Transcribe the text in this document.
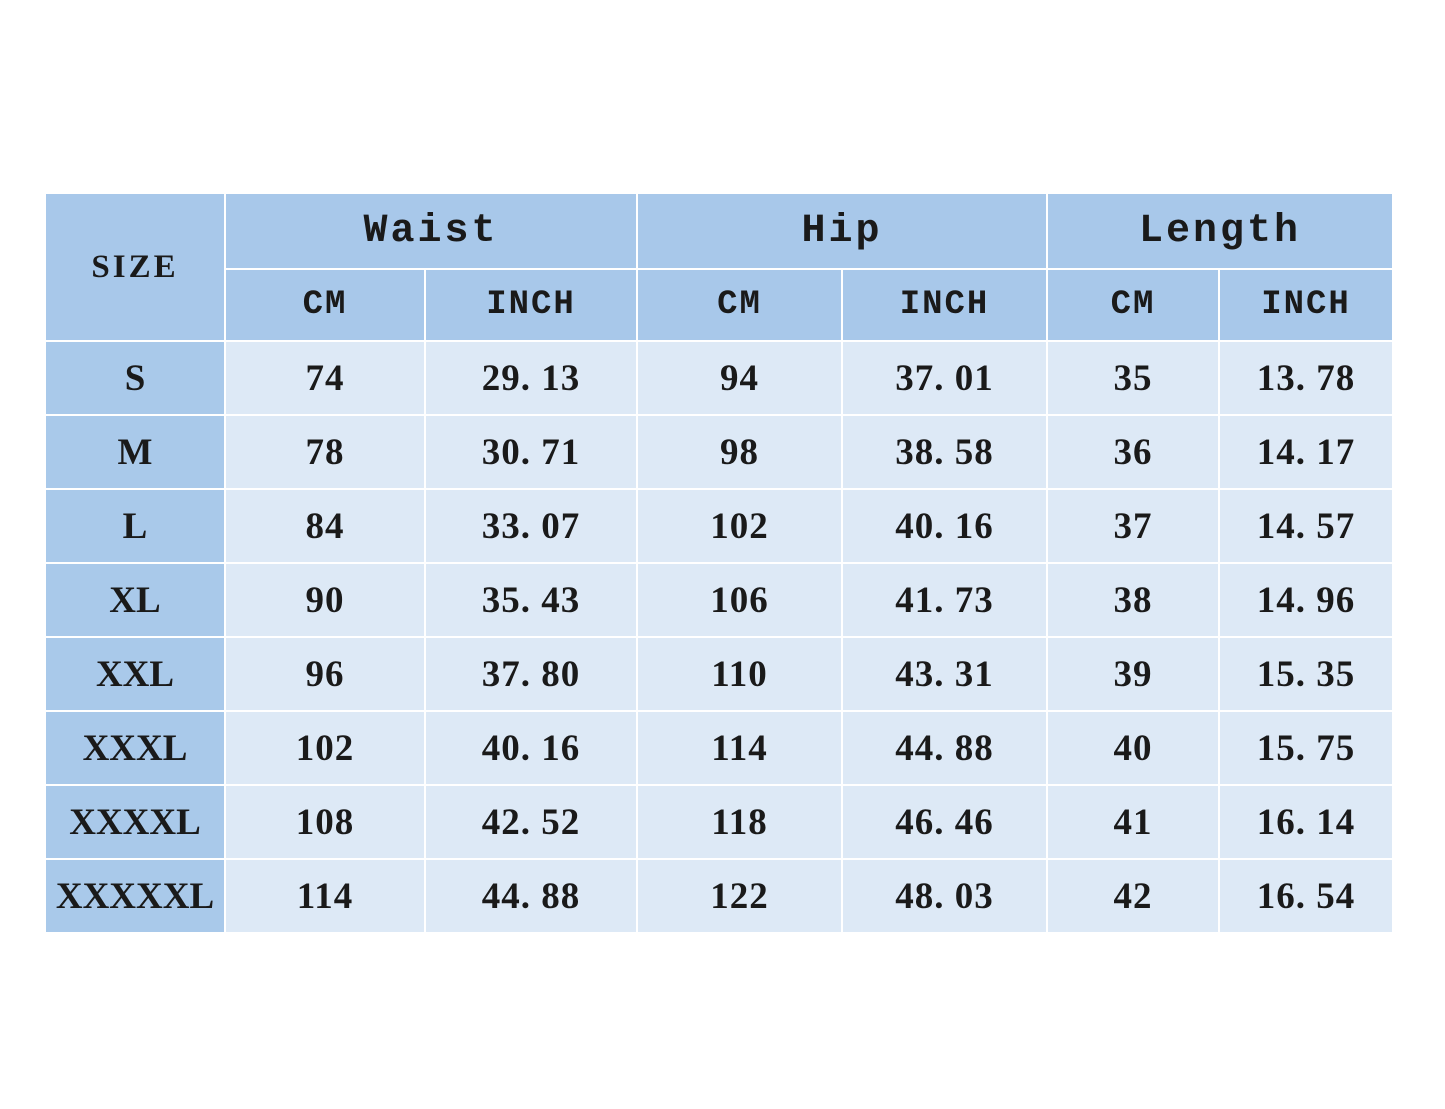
SIZE	Waist		Hip		Length	
	CM	INCH	CM	INCH	CM	INCH
S	74	29. 13	94	37. 01	35	13. 78
M	78	30. 71	98	38. 58	36	14. 17
L	84	33. 07	102	40. 16	37	14. 57
XL	90	35. 43	106	41. 73	38	14. 96
XXL	96	37. 80	110	43. 31	39	15. 35
XXXL	102	40. 16	114	44. 88	40	15. 75
XXXXL	108	42. 52	118	46. 46	41	16. 14
XXXXXL	114	44. 88	122	48. 03	42	16. 54
